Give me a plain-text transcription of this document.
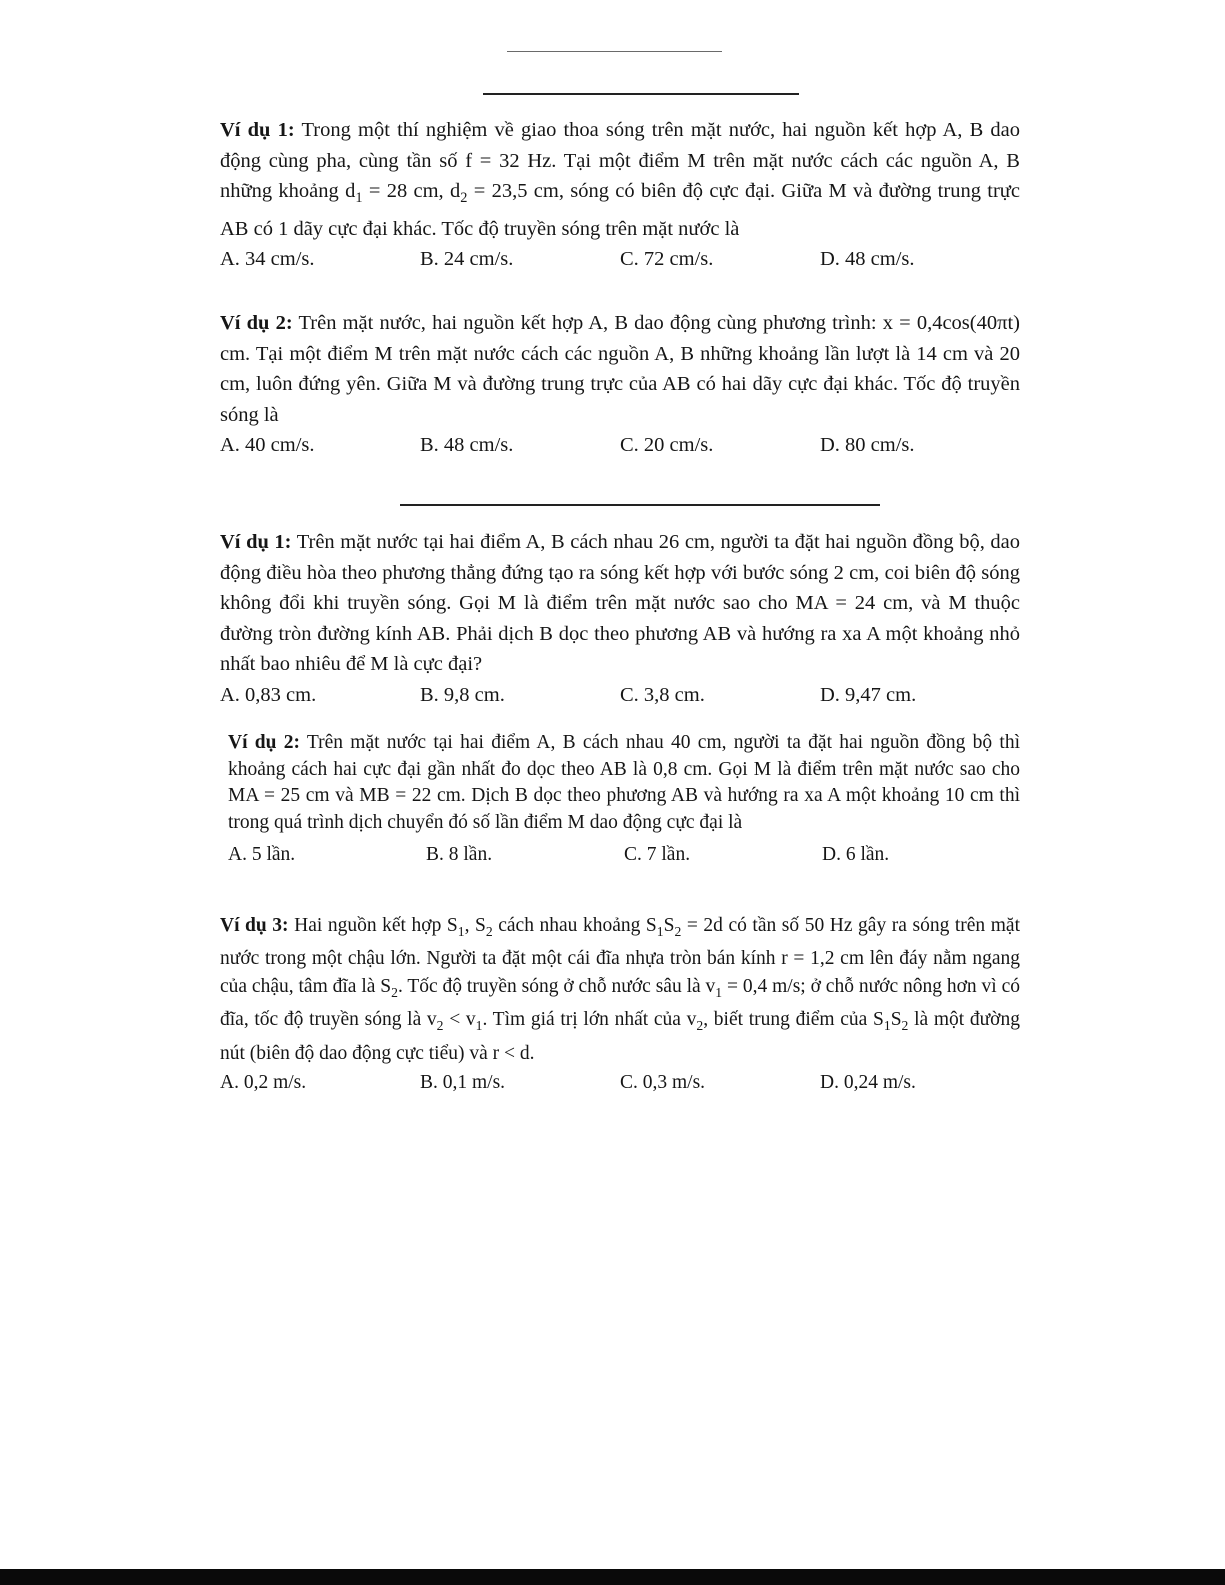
Ví dụ 1: Trong một thí nghiệm về giao thoa sóng trên mặt nước, hai nguồn kết hợp A, B dao động cùng pha, cùng tần số f = 32 Hz. Tại một điểm M trên mặt nước cách các nguồn A, B những khoảng $d_1 = 28$ cm, $d_2 = 23,5$ cm, sóng có biên độ cực đại. Giữa M và đường trung trực AB có 1 dãy cực đại khác. Tốc độ truyền sóng trên mặt nước là

A. 34 cm/s.	B. 24 cm/s.	C. 72 cm/s.	D. 48 cm/s.

Ví dụ 2: Trên mặt nước, hai nguồn kết hợp A, B dao động cùng phương trình: x = 0,4cos(40πt) cm. Tại một điểm M trên mặt nước cách các nguồn A, B những khoảng lần lượt là 14 cm và 20 cm, luôn đứng yên. Giữa M và đường trung trực của AB có hai dãy cực đại khác. Tốc độ truyền sóng là

A. 40 cm/s.	B. 48 cm/s.	C. 20 cm/s.	D. 80 cm/s.

Ví dụ 1: Trên mặt nước tại hai điểm A, B cách nhau 26 cm, người ta đặt hai nguồn đồng bộ, dao động điều hòa theo phương thẳng đứng tạo ra sóng kết hợp với bước sóng 2 cm, coi biên độ sóng không đổi khi truyền sóng. Gọi M là điểm trên mặt nước sao cho MA = 24 cm, và M thuộc đường tròn đường kính AB. Phải dịch B dọc theo phương AB và hướng ra xa A một khoảng nhỏ nhất bao nhiêu để M là cực đại?

A. 0,83 cm.	B. 9,8 cm.	C. 3,8 cm.	D. 9,47 cm.

Ví dụ 2: Trên mặt nước tại hai điểm A, B cách nhau 40 cm, người ta đặt hai nguồn đồng bộ thì khoảng cách hai cực đại gần nhất đo dọc theo AB là 0,8 cm. Gọi M là điểm trên mặt nước sao cho MA = 25 cm và MB = 22 cm. Dịch B dọc theo phương AB và hướng ra xa A một khoảng 10 cm thì trong quá trình dịch chuyển đó số lần điểm M dao động cực đại là

A. 5 lần.	B. 8 lần.	C. 7 lần.	D. 6 lần.

Ví dụ 3: Hai nguồn kết hợp $S_1$, $S_2$ cách nhau khoảng $S_1S_2 = 2d$ có tần số 50 Hz gây ra sóng trên mặt nước trong một chậu lớn. Người ta đặt một cái đĩa nhựa tròn bán kính r = 1,2 cm lên đáy nằm ngang của chậu, tâm đĩa là $S_2$. Tốc độ truyền sóng ở chỗ nước sâu là $v_1 = 0,4$ m/s; ở chỗ nước nông hơn vì có đĩa, tốc độ truyền sóng là $v_2 < v_1$. Tìm giá trị lớn nhất của $v_2$, biết trung điểm của $S_1S_2$ là một đường nút (biên độ dao động cực tiểu) và r < d.

A. 0,2 m/s.	B. 0,1 m/s.	C. 0,3 m/s.	D. 0,24 m/s.
